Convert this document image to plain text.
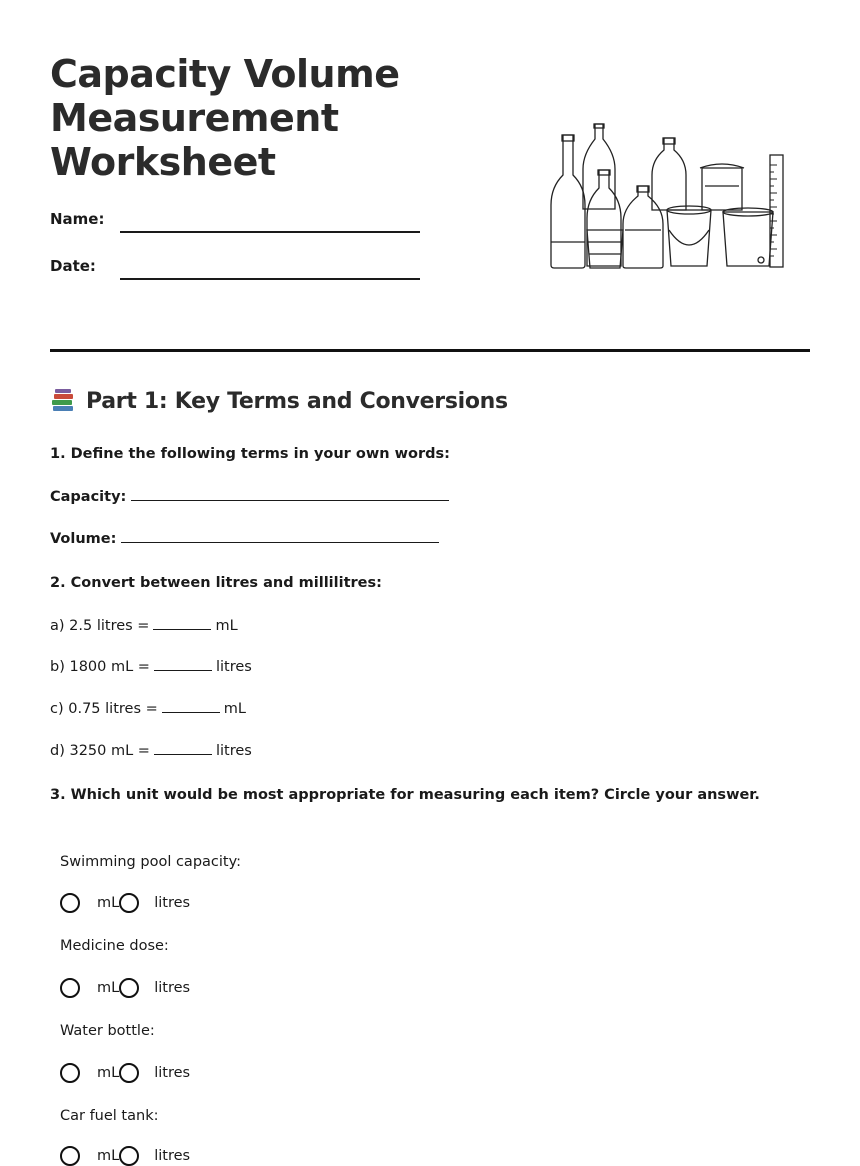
Capacity Volume Measurement Worksheet
Name:
Date:
Part 1: Key Terms and Conversions
1. Define the following terms in your own words:
Capacity:
Volume:
2. Convert between litres and millilitres:
a) 2.5 litres =	mL
b) 1800 mL =	litres
c) 0.75 litres =	mL
d) 3250 mL =	litres
3. Which unit would be most appropriate for measuring each item? Circle your answer.
Swimming pool capacity:
mL litres
Medicine dose:
mL litres
Water bottle:
mL litres
Car fuel tank:
mL litres
